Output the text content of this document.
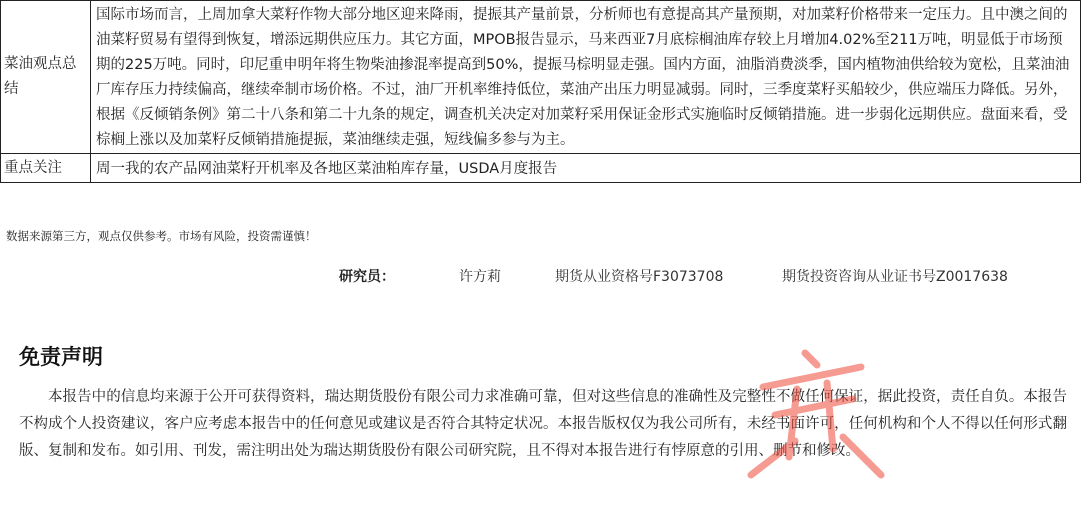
菜油观点总结	国际市场而言，上周加拿大菜籽作物大部分地区迎来降雨，提振其产量前景，分析师也有意提高其产量预期，对加菜籽价格带来一定压力。且中澳之间的油菜籽贸易有望得到恢复，增添远期供应压力。其它方面，MPOB报告显示，马来西亚7月底棕榈油库存较上月增加4.02%至211万吨，明显低于市场预期的225万吨。同时，印尼重申明年将生物柴油掺混率提高到50%，提振马棕明显走强。国内方面，油脂消费淡季，国内植物油供给较为宽松，且菜油油厂库存压力持续偏高，继续牵制市场价格。不过，油厂开机率维持低位，菜油产出压力明显减弱。同时，三季度菜籽买船较少，供应端压力降低。另外，根据《反倾销条例》第二十八条和第二十九条的规定，调查机关决定对加菜籽采用保证金形式实施临时反倾销措施。进一步弱化远期供应。盘面来看，受棕榈上涨以及加菜籽反倾销措施提振，菜油继续走强，短线偏多参与为主。
重点关注	周一我的农产品网油菜籽开机率及各地区菜油粕库存量，USDA月度报告
数据来源第三方，观点仅供参考。市场有风险，投资需谨慎！
研究员：	许方莉	期货从业资格号F3073708	期货投资咨询从业证书号Z0017638
免责声明

本报告中的信息均来源于公开可获得资料，瑞达期货股份有限公司力求准确可靠，但对这些信息的准确性及完整性不做任何保证，据此投资，责任自负。本报告不构成个人投资建议，客户应考虑本报告中的任何意见或建议是否符合其特定状况。本报告版权仅为我公司所有，未经书面许可，任何机构和个人不得以任何形式翻版、复制和发布。如引用、刊发，需注明出处为瑞达期货股份有限公司研究院，且不得对本报告进行有悖原意的引用、删节和修改。
